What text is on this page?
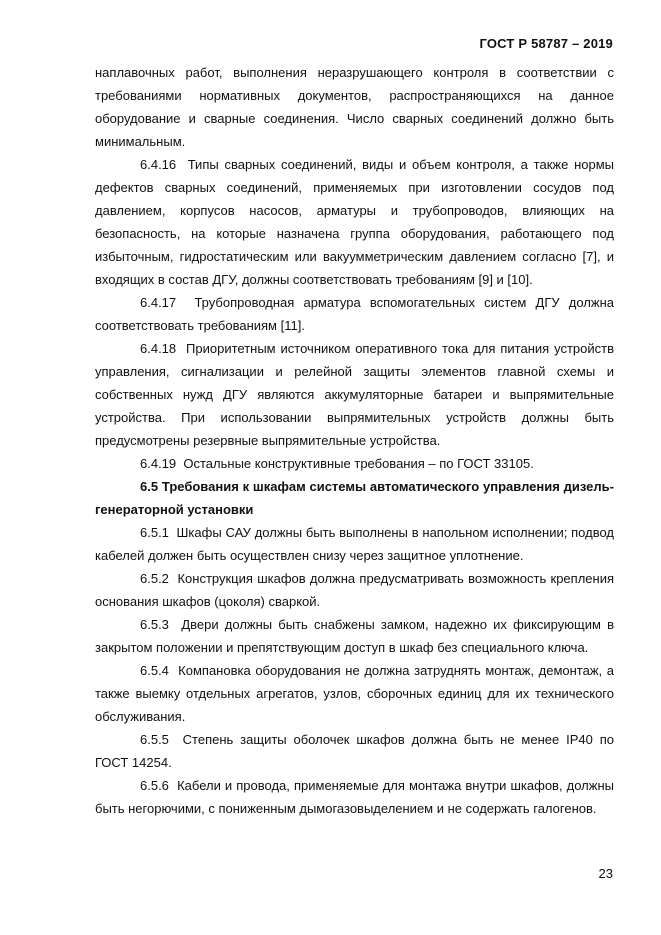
ГОСТ Р 58787 – 2019

наплавочных работ, выполнения неразрушающего контроля в соответствии с требованиями нормативных документов, распространяющихся на данное оборудование и сварные соединения. Число сварных соединений должно быть минимальным.

6.4.16 Типы сварных соединений, виды и объем контроля, а также нормы дефектов сварных соединений, применяемых при изготовлении сосудов под давлением, корпусов насосов, арматуры и трубопроводов, влияющих на безопасность, на которые назначена группа оборудования, работающего под избыточным, гидростатическим или вакуумметрическим давлением согласно [7], и входящих в состав ДГУ, должны соответствовать требованиям [9] и [10].

6.4.17 Трубопроводная арматура вспомогательных систем ДГУ должна соответствовать требованиям [11].

6.4.18 Приоритетным источником оперативного тока для питания устройств управления, сигнализации и релейной защиты элементов главной схемы и собственных нужд ДГУ являются аккумуляторные батареи и выпрямительные устройства. При использовании выпрямительных устройств должны быть предусмотрены резервные выпрямительные устройства.

6.4.19 Остальные конструктивные требования – по ГОСТ 33105.

6.5 Требования к шкафам системы автоматического управления дизель-генераторной установки

6.5.1 Шкафы САУ должны быть выполнены в напольном исполнении; подвод кабелей должен быть осуществлен снизу через защитное уплотнение.

6.5.2 Конструкция шкафов должна предусматривать возможность крепления основания шкафов (цоколя) сваркой.

6.5.3 Двери должны быть снабжены замком, надежно их фиксирующим в закрытом положении и препятствующим доступ в шкаф без специального ключа.

6.5.4 Компановка оборудования не должна затруднять монтаж, демонтаж, а также выемку отдельных агрегатов, узлов, сборочных единиц для их технического обслуживания.

6.5.5 Степень защиты оболочек шкафов должна быть не менее IP40 по ГОСТ 14254.

6.5.6 Кабели и провода, применяемые для монтажа внутри шкафов, должны быть негорючими, с пониженным дымогазовыделением и не содержать галогенов.

23
